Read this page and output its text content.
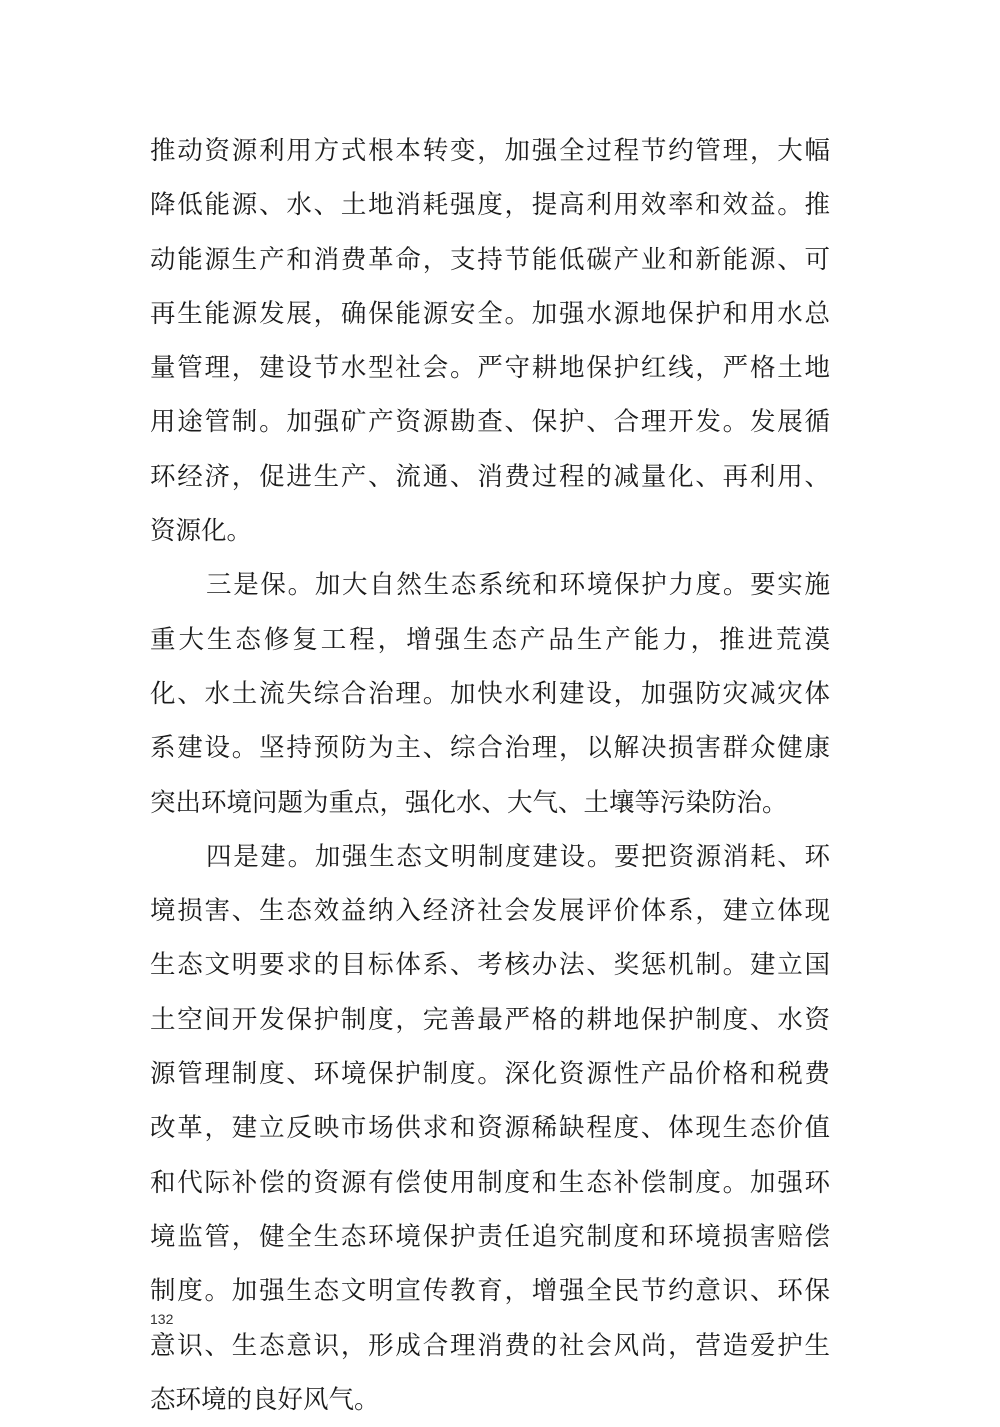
推动资源利用方式根本转变，加强全过程节约管理，大幅
降低能源、水、土地消耗强度，提高利用效率和效益。推
动能源生产和消费革命，支持节能低碳产业和新能源、可
再生能源发展，确保能源安全。加强水源地保护和用水总
量管理，建设节水型社会。严守耕地保护红线，严格土地
用途管制。加强矿产资源勘查、保护、合理开发。发展循
环经济，促进生产、流通、消费过程的减量化、再利用、
资源化。
三是保。加大自然生态系统和环境保护力度。要实施
重大生态修复工程，增强生态产品生产能力，推进荒漠
化、水土流失综合治理。加快水利建设，加强防灾减灾体
系建设。坚持预防为主、综合治理，以解决损害群众健康
突出环境问题为重点，强化水、大气、土壤等污染防治。
四是建。加强生态文明制度建设。要把资源消耗、环
境损害、生态效益纳入经济社会发展评价体系，建立体现
生态文明要求的目标体系、考核办法、奖惩机制。建立国
土空间开发保护制度，完善最严格的耕地保护制度、水资
源管理制度、环境保护制度。深化资源性产品价格和税费
改革，建立反映市场供求和资源稀缺程度、体现生态价值
和代际补偿的资源有偿使用制度和生态补偿制度。加强环
境监管，健全生态环境保护责任追究制度和环境损害赔偿
制度。加强生态文明宣传教育，增强全民节约意识、环保
意识、生态意识，形成合理消费的社会风尚，营造爱护生
态环境的良好风气。
132
